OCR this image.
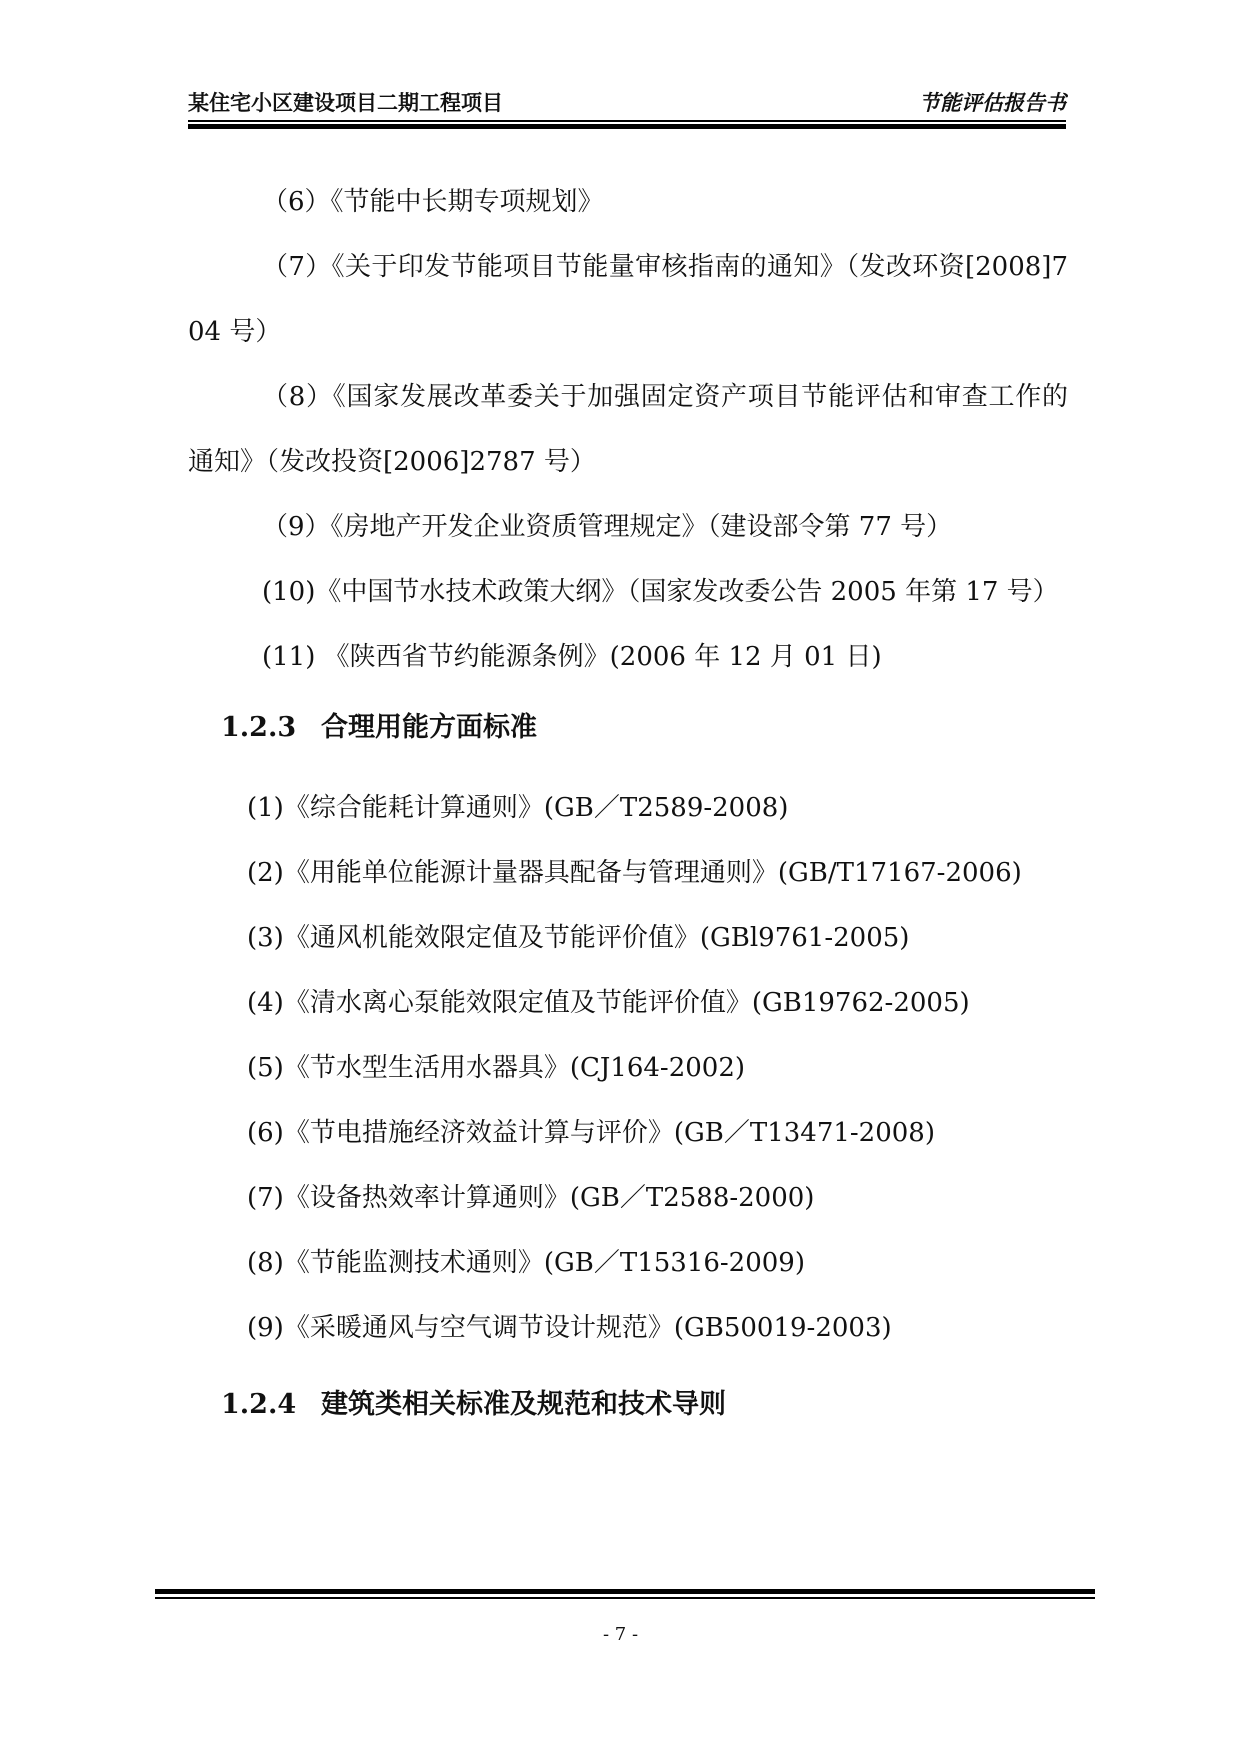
某住宅小区建设项目二期工程项目	节能评估报告书

（6）《节能中长期专项规划》

（7）《关于印发节能项目节能量审核指南的通知》（发改环资[2008]704 号）

（8）《国家发展改革委关于加强固定资产项目节能评估和审查工作的通知》（发改投资[2006]2787 号）

（9）《房地产开发企业资质管理规定》（建设部令第 77 号）

(10)《中国节水技术政策大纲》（国家发改委公告 2005 年第 17 号）

(11) 《陕西省节约能源条例》(2006 年 12 月 01 日)

1.2.3 合理用能方面标准

(1)《综合能耗计算通则》(GB／T2589-2008)

(2)《用能单位能源计量器具配备与管理通则》(GB/T17167-2006)

(3)《通风机能效限定值及节能评价值》(GBl9761-2005)

(4)《清水离心泵能效限定值及节能评价值》(GB19762-2005)

(5)《节水型生活用水器具》(CJ164-2002)

(6)《节电措施经济效益计算与评价》(GB／T13471-2008)

(7)《设备热效率计算通则》(GB／T2588-2000)

(8)《节能监测技术通则》(GB／T15316-2009)

(9)《采暖通风与空气调节设计规范》(GB50019-2003)

1.2.4 建筑类相关标准及规范和技术导则
- 7 -
